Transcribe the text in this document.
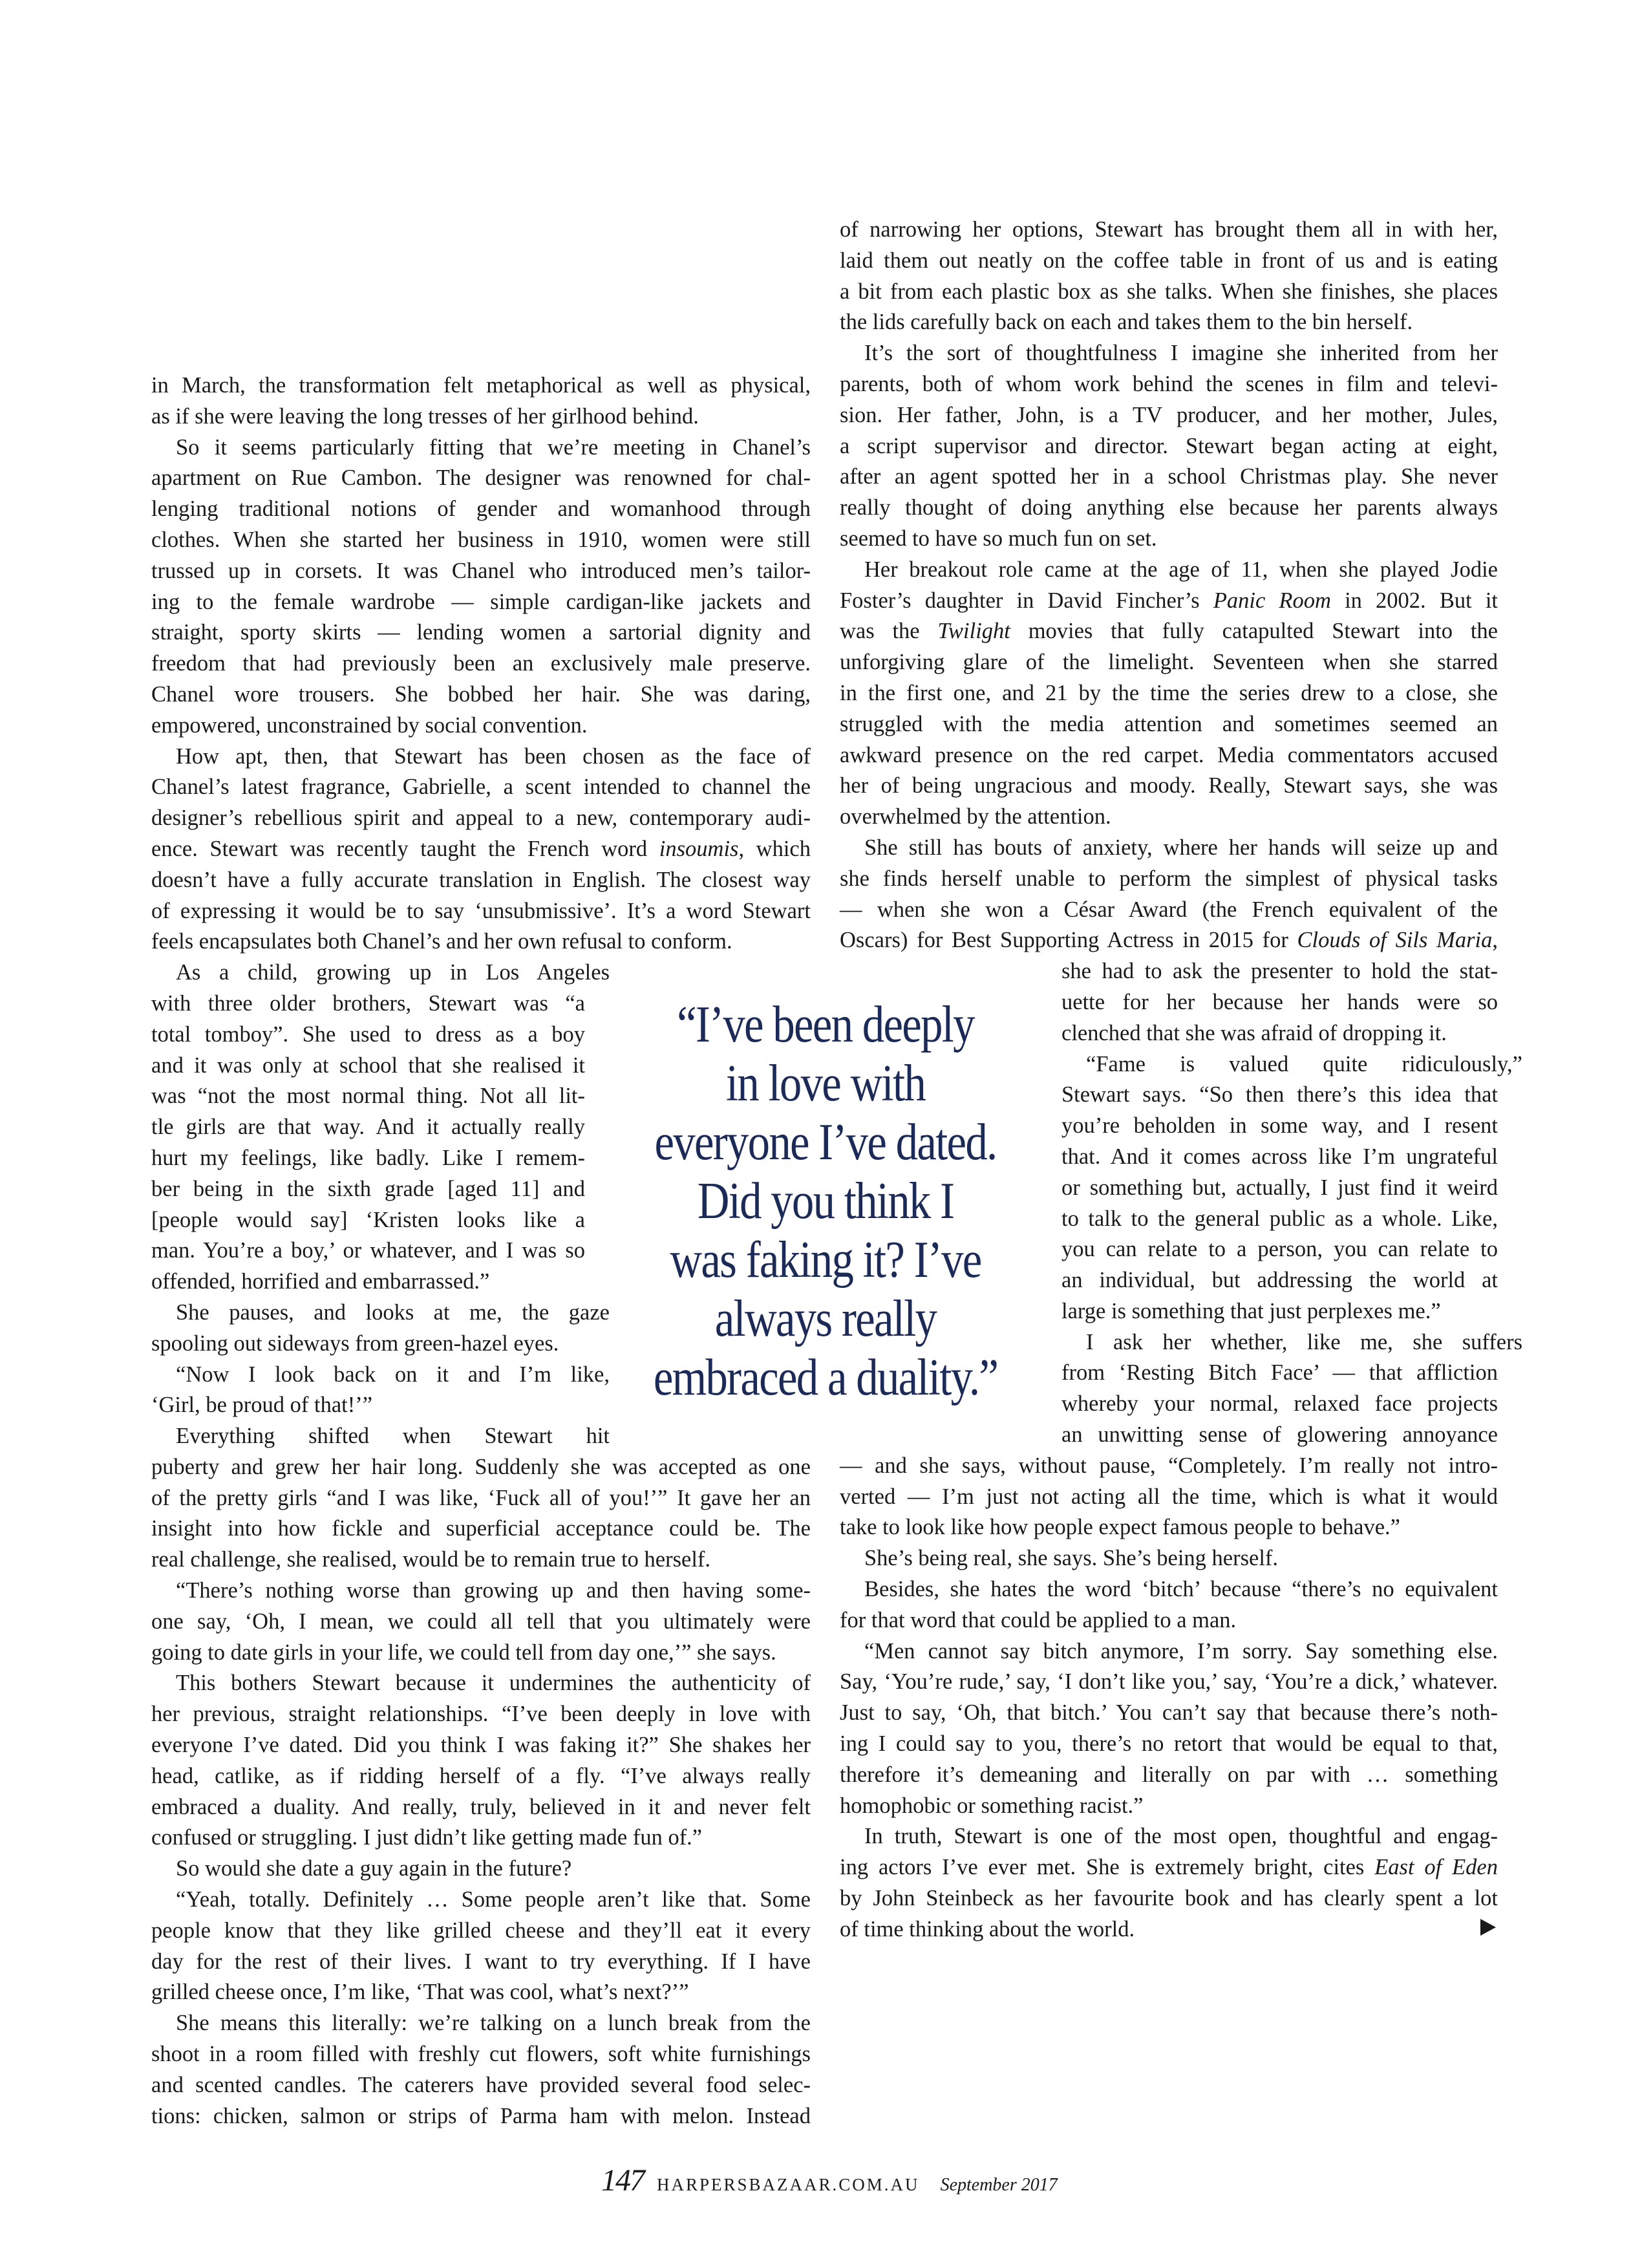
in March, the transformation felt metaphorical as well as physical,
as if she were leaving the long tresses of her girlhood behind.
So it seems particularly fitting that we’re meeting in Chanel’s
apartment on Rue Cambon. The designer was renowned for chal-
lenging traditional notions of gender and womanhood through
clothes. When she started her business in 1910, women were still
trussed up in corsets. It was Chanel who introduced men’s tailor-
ing to the female wardrobe — simple cardigan-like jackets and
straight, sporty skirts — lending women a sartorial dignity and
freedom that had previously been an exclusively male preserve.
Chanel wore trousers. She bobbed her hair. She was daring,
empowered, unconstrained by social convention.
How apt, then, that Stewart has been chosen as the face of
Chanel’s latest fragrance, Gabrielle, a scent intended to channel the
designer’s rebellious spirit and appeal to a new, contemporary audi-
ence. Stewart was recently taught the French word insoumis, which
doesn’t have a fully accurate translation in English. The closest way
of expressing it would be to say ‘unsubmissive’. It’s a word Stewart
feels encapsulates both Chanel’s and her own refusal to conform.
As a child, growing up in Los Angeles
with three older brothers, Stewart was “a
total tomboy”. She used to dress as a boy
and it was only at school that she realised it
was “not the most normal thing. Not all lit-
tle girls are that way. And it actually really
hurt my feelings, like badly. Like I remem-
ber being in the sixth grade [aged 11] and
[people would say] ‘Kristen looks like a
man. You’re a boy,’ or whatever, and I was so
offended, horrified and embarrassed.”
She pauses, and looks at me, the gaze
spooling out sideways from green-hazel eyes.
“Now I look back on it and I’m like,
‘Girl, be proud of that!’”
Everything shifted when Stewart hit
puberty and grew her hair long. Suddenly she was accepted as one
of the pretty girls “and I was like, ‘Fuck all of you!’” It gave her an
insight into how fickle and superficial acceptance could be. The
real challenge, she realised, would be to remain true to herself.
“There’s nothing worse than growing up and then having some-
one say, ‘Oh, I mean, we could all tell that you ultimately were
going to date girls in your life, we could tell from day one,’” she says.
This bothers Stewart because it undermines the authenticity of
her previous, straight relationships. “I’ve been deeply in love with
everyone I’ve dated. Did you think I was faking it?” She shakes her
head, catlike, as if ridding herself of a fly. “I’ve always really
embraced a duality. And really, truly, believed in it and never felt
confused or struggling. I just didn’t like getting made fun of.”
So would she date a guy again in the future?
“Yeah, totally. Definitely … Some people aren’t like that. Some
people know that they like grilled cheese and they’ll eat it every
day for the rest of their lives. I want to try everything. If I have
grilled cheese once, I’m like, ‘That was cool, what’s next?’”
She means this literally: we’re talking on a lunch break from the
shoot in a room filled with freshly cut flowers, soft white furnishings
and scented candles. The caterers have provided several food selec-
tions: chicken, salmon or strips of Parma ham with melon. Instead
of narrowing her options, Stewart has brought them all in with her,
laid them out neatly on the coffee table in front of us and is eating
a bit from each plastic box as she talks. When she finishes, she places
the lids carefully back on each and takes them to the bin herself.
It’s the sort of thoughtfulness I imagine she inherited from her
parents, both of whom work behind the scenes in film and televi-
sion. Her father, John, is a TV producer, and her mother, Jules,
a script supervisor and director. Stewart began acting at eight,
after an agent spotted her in a school Christmas play. She never
really thought of doing anything else because her parents always
seemed to have so much fun on set.
Her breakout role came at the age of 11, when she played Jodie
Foster’s daughter in David Fincher’s Panic Room in 2002. But it
was the Twilight movies that fully catapulted Stewart into the
unforgiving glare of the limelight. Seventeen when she starred
in the first one, and 21 by the time the series drew to a close, she
struggled with the media attention and sometimes seemed an
awkward presence on the red carpet. Media commentators accused
her of being ungracious and moody. Really, Stewart says, she was
overwhelmed by the attention.
She still has bouts of anxiety, where her hands will seize up and
she finds herself unable to perform the simplest of physical tasks
— when she won a César Award (the French equivalent of the
Oscars) for Best Supporting Actress in 2015 for Clouds of Sils Maria,
she had to ask the presenter to hold the stat-
uette for her because her hands were so
clenched that she was afraid of dropping it.
“Fame is valued quite ridiculously,”
Stewart says. “So then there’s this idea that
you’re beholden in some way, and I resent
that. And it comes across like I’m ungrateful
or something but, actually, I just find it weird
to talk to the general public as a whole. Like,
you can relate to a person, you can relate to
an individual, but addressing the world at
large is something that just perplexes me.”
I ask her whether, like me, she suffers
from ‘Resting Bitch Face’ — that affliction
whereby your normal, relaxed face projects
an unwitting sense of glowering annoyance
— and she says, without pause, “Completely. I’m really not intro-
verted — I’m just not acting all the time, which is what it would
take to look like how people expect famous people to behave.”
She’s being real, she says. She’s being herself.
Besides, she hates the word ‘bitch’ because “there’s no equivalent
for that word that could be applied to a man.
“Men cannot say bitch anymore, I’m sorry. Say something else.
Say, ‘You’re rude,’ say, ‘I don’t like you,’ say, ‘You’re a dick,’ whatever.
Just to say, ‘Oh, that bitch.’ You can’t say that because there’s noth-
ing I could say to you, there’s no retort that would be equal to that,
therefore it’s demeaning and literally on par with … something
homophobic or something racist.”
In truth, Stewart is one of the most open, thoughtful and engag-
ing actors I’ve ever met. She is extremely bright, cites East of Eden
by John Steinbeck as her favourite book and has clearly spent a lot
of time thinking about the world.
“I’ve been deeply
in love with
everyone I’ve dated.
Did you think I
was faking it? I’ve
always really
embraced a duality.”
147 HARPERSBAZAAR.COM.AU September 2017
